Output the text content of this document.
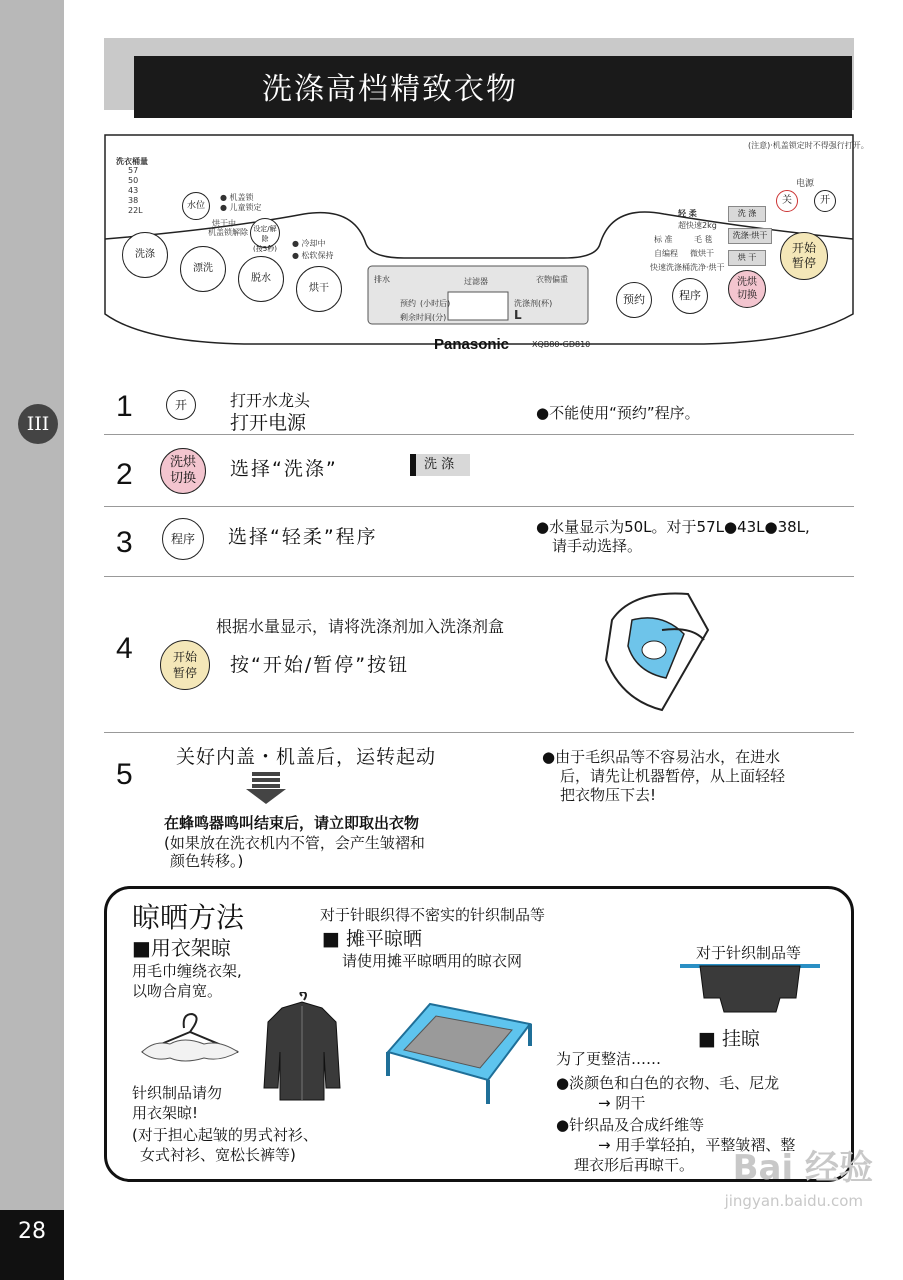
III
28
洗涤高档精致衣物
洗衣桶量
57
50
43
38
22L	水位
● 机盖锁
● 儿童锁定
烘干中
机盖锁解除 设定/解除
(按5秒)
洗涤
漂洗
脱水
烘干
● 冷却中
● 松软保持
排水	过滤器	衣物偏重
预约 (小时后)
剩余时间(分)
洗涤剂(杯)
L
(注意)·机盖锁定时不得强行打开。
电源
关	开
轻 柔
超快速2kg
标 准	毛 毯
自编程 微烘干
快速洗涤 桶洗净·烘干
洗 涤
洗涤·烘干
烘 干
开始
暂停
预约	程序
洗烘
切换
Panasonic	XQB80-GD810
1	开	打开水龙头
打开电源	●不能使用“预约”程序。
2	洗烘
切换	选择“洗涤”	洗 涤
3	程序	选择“轻柔”程序	●水量显示为50L。对于57L●43L●38L,
请手动选择。
4
根据水量显示，请将洗涤剂加入洗涤剂盒
开始
暂停	按“开始/暂停”按钮
5
关好内盖・机盖后，运转起动
在蜂鸣器鸣叫结束后，请立即取出衣物
(如果放在洗衣机内不管，会产生皱褶和
颜色转移。)
●由于毛织品等不容易沾水，在进水
后，请先让机器暂停，从上面轻轻
把衣物压下去!
晾晒方法
■用衣架晾
用毛巾缠绕衣架,
以吻合肩宽。
针织制品请勿
用衣架晾!
(对于担心起皱的男式衬衫、
女式衬衫、宽松长裤等)
对于针眼织得不密实的针织制品等
■ 摊平晾晒
请使用摊平晾晒用的晾衣网	对于针织制品等
■ 挂晾
为了更整洁……
●淡颜色和白色的衣物、毛、尼龙
→ 阴干
●针织品及合成纤维等
→ 用手掌轻拍，平整皱褶、整
理衣形后再晾干。 Bai 经验
jingyan.baidu.com
